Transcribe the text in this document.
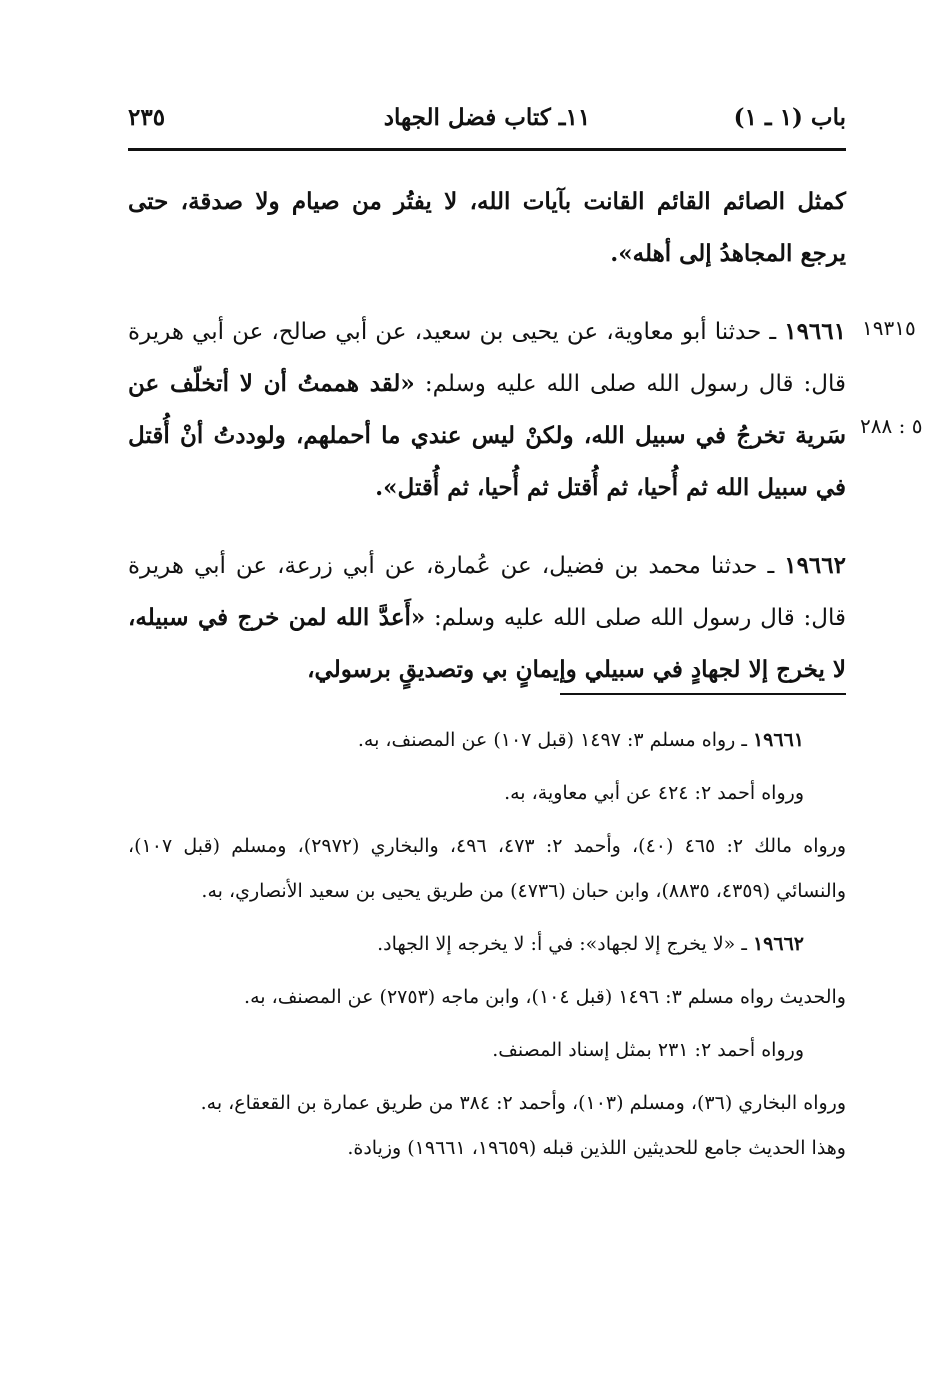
باب (١ ـ ١)
١١ـ كتاب فضل الجهاد
٢٣٥
١٩٣١٥
٥ : ٢٨٨

كمثل الصائم القائم القانت بآيات الله، لا يفتُر من صيام ولا صدقة، حتى يرجع المجاهدُ إلى أهله».

١٩٦٦١ ـ حدثنا أبو معاوية، عن يحيى بن سعيد، عن أبي صالح، عن أبي هريرة قال: قال رسول الله صلى الله عليه وسلم: «لقد هممتُ أن لا أتخلّف عن سَرية تخرجُ في سبيل الله، ولكنْ ليس عندي ما أحملهم، ولوددتُ أنْ أُقتل في سبيل الله ثم أُحيا، ثم أُقتل ثم أُحيا، ثم أُقتل».

١٩٦٦٢ ـ حدثنا محمد بن فضيل، عن عُمارة، عن أبي زرعة، عن أبي هريرة قال: قال رسول الله صلى الله عليه وسلم: «أَعدَّ الله لمن خرج في سبيله، لا يخرج إلا لجهادٍ في سبيلي وإيمانٍ بي وتصديقٍ برسولي،

١٩٦٦١ ـ رواه مسلم ٣: ١٤٩٧ (قبل ١٠٧) عن المصنف، به.

ورواه أحمد ٢: ٤٢٤ عن أبي معاوية، به.

ورواه مالك ٢: ٤٦٥ (٤٠)، وأحمد ٢: ٤٧٣، ٤٩٦، والبخاري (٢٩٧٢)، ومسلم (قبل ١٠٧)، والنسائي (٤٣٥٩، ٨٨٣٥)، وابن حبان (٤٧٣٦) من طريق يحيى بن سعيد الأنصاري، به.

١٩٦٦٢ ـ «لا يخرج إلا لجهاد»: في أ: لا يخرجه إلا الجهاد.

والحديث رواه مسلم ٣: ١٤٩٦ (قبل ١٠٤)، وابن ماجه (٢٧٥٣) عن المصنف، به.

ورواه أحمد ٢: ٢٣١ بمثل إسناد المصنف.

ورواه البخاري (٣٦)، ومسلم (١٠٣)، وأحمد ٢: ٣٨٤ من طريق عمارة بن القعقاع، به.

وهذا الحديث جامع للحديثين اللذين قبله (١٩٦٥٩، ١٩٦٦١) وزيادة.
